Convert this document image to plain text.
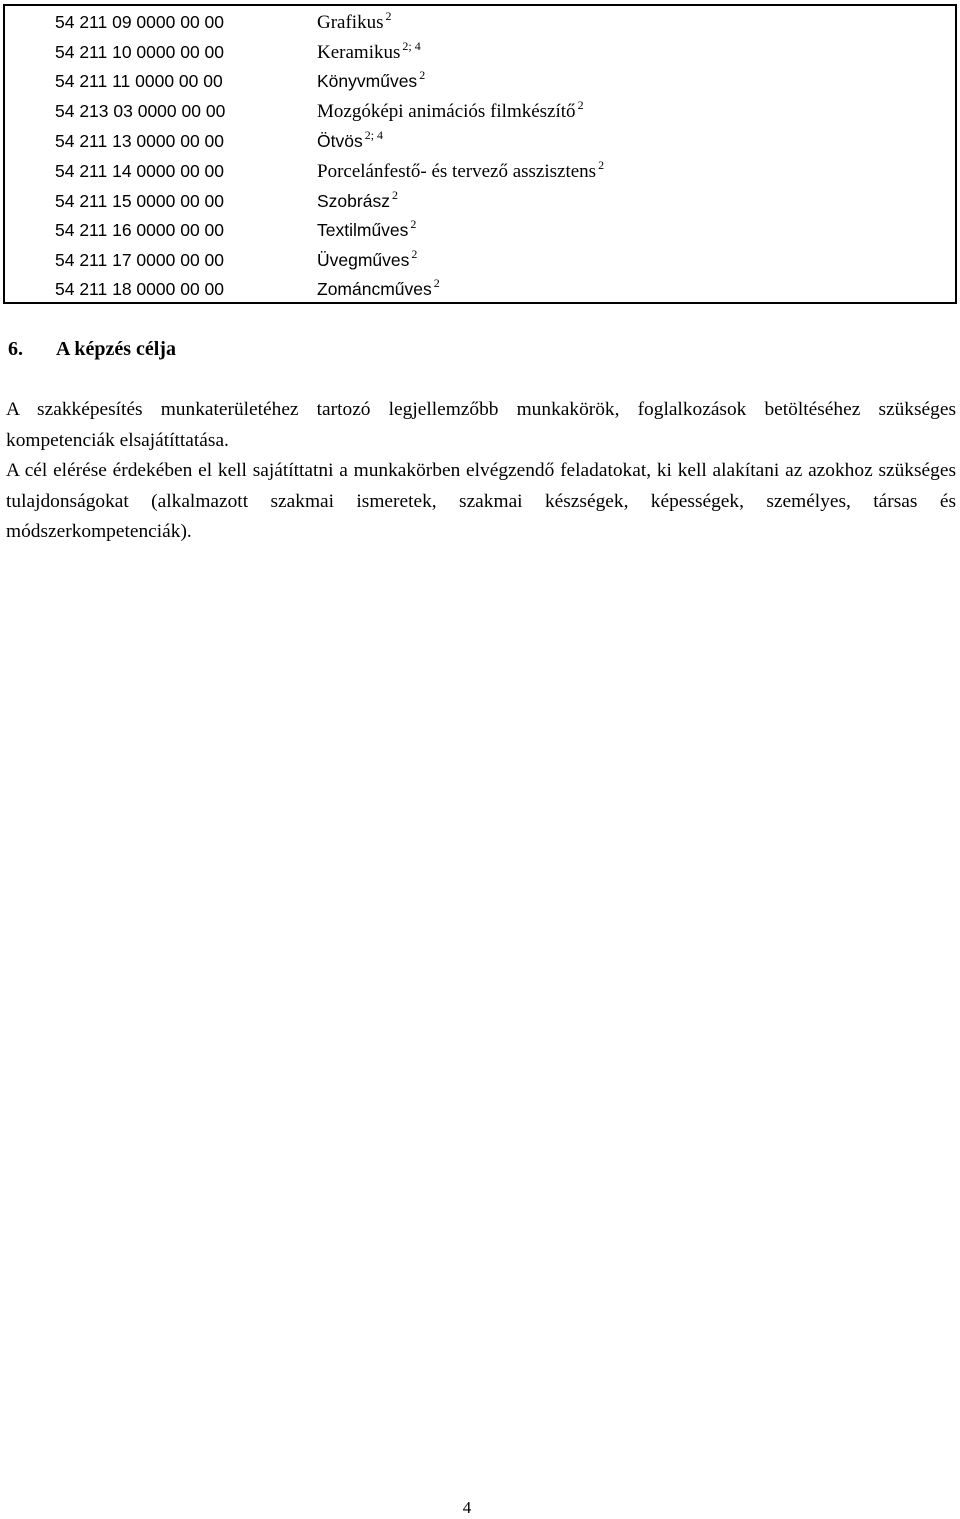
54 211 09 0000 00 00	Grafikus $^2$
54 211 10 0000 00 00	Keramikus $^{2; 4}$
54 211 11 0000 00 00	Könyvműves $^2$
54 213 03 0000 00 00	Mozgóképi animációs filmkészítő $^2$
54 211 13 0000 00 00	Ötvös $^{2; 4}$
54 211 14 0000 00 00	Porcelánfestő- és tervező asszisztens $^2$
54 211 15 0000 00 00	Szobrász $^2$
54 211 16 0000 00 00	Textilműves $^2$
54 211 17 0000 00 00	Üvegműves $^2$
54 211 18 0000 00 00	Zománcműves $^2$
6. A képzés célja

A szakképesítés munkaterületéhez tartozó legjellemzőbb munkakörök, foglalkozások betöltéséhez szükséges kompetenciák elsajátíttatása.

A cél elérése érdekében el kell sajátíttatni a munkakörben elvégzendő feladatokat, ki kell alakítani az azokhoz szükséges tulajdonságokat (alkalmazott szakmai ismeretek, szakmai készségek, képességek, személyes, társas és módszerkompetenciák).

4
